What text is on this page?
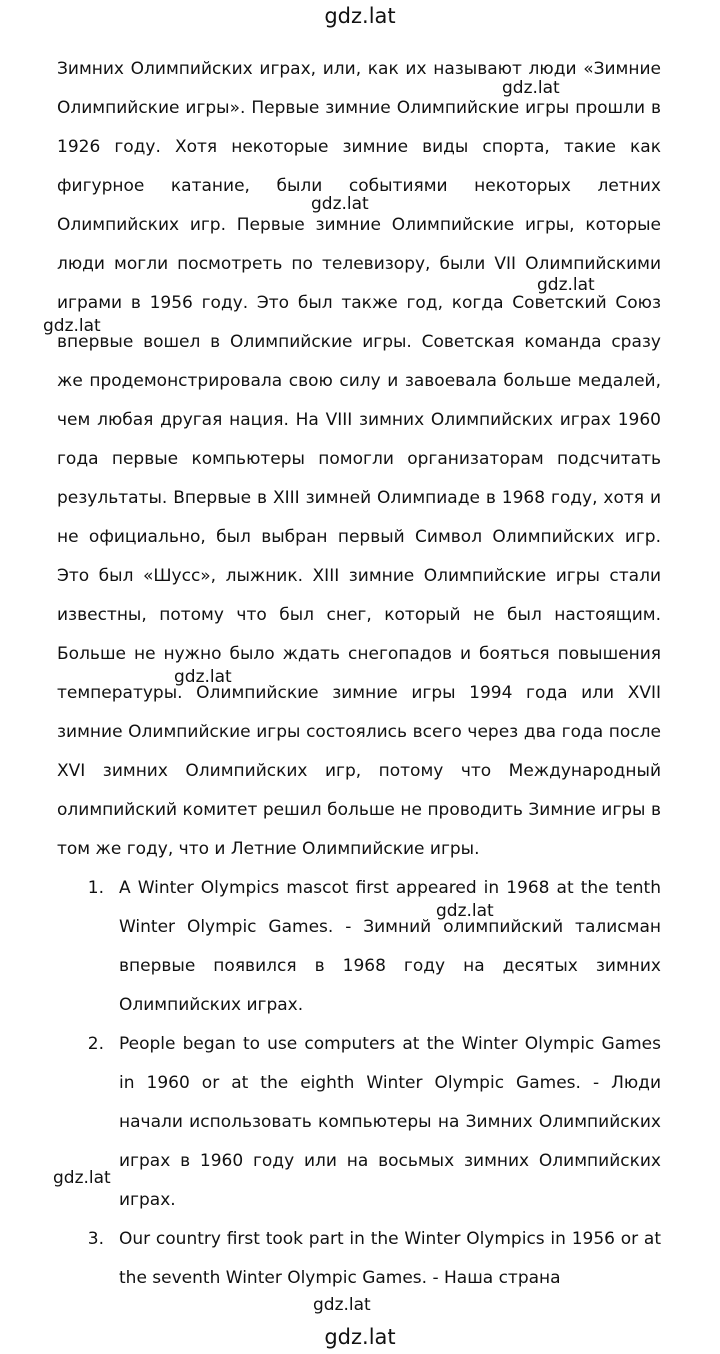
gdz.lat

Зимних Олимпийских играх, или, как их называют люди «Зимние Олимпийские игры». Первые зимние Олимпийские игры прошли в 1926 году. Хотя некоторые зимние виды спорта, такие как фигурное катание, были событиями некоторых летних Олимпийских игр. Первые зимние Олимпийские игры, которые люди могли посмотреть по телевизору, были VII Олимпийскими играми в 1956 году. Это был также год, когда Советский Союз впервые вошел в Олимпийские игры. Советская команда сразу же продемонстрировала свою силу и завоевала больше медалей, чем любая другая нация. На VIII зимних Олимпийских играх 1960 года первые компьютеры помогли организаторам подсчитать результаты. Впервые в XIII зимней Олимпиаде в 1968 году, хотя и не официально, был выбран первый Символ Олимпийских игр. Это был «Шусс», лыжник. XIII зимние Олимпийские игры стали известны, потому что был снег, который не был настоящим. Больше не нужно было ждать снегопадов и бояться повышения температуры. Олимпийские зимние игры 1994 года или XVII зимние Олимпийские игры состоялись всего через два года после XVI зимних Олимпийских игр, потому что Международный олимпийский комитет решил больше не проводить Зимние игры в том же году, что и Летние Олимпийские игры.

1. A Winter Olympics mascot first appeared in 1968 at the tenth Winter Olympic Games. - Зимний олимпийский талисман впервые появился в 1968 году на десятых зимних Олимпийских играх.
2. People began to use computers at the Winter Olympic Games in 1960 or at the eighth Winter Olympic Games. - Люди начали использовать компьютеры на Зимних Олимпийских играх в 1960 году или на восьмых зимних Олимпийских играх.
3. Our country first took part in the Winter Olympics in 1956 or at the seventh Winter Olympic Games. - Наша страна
gdz.lat
gdz.lat
gdz.lat
gdz.lat
gdz.lat
gdz.lat
gdz.lat
gdz.lat
gdz.lat
